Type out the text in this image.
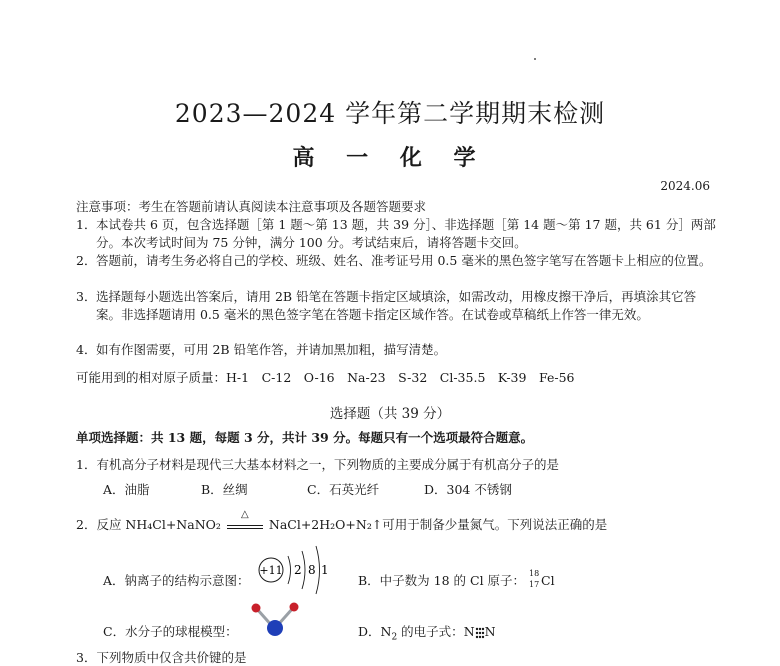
2023—2024 学年第二学期期末检测
高 一 化 学
2024.06
注意事项：考生在答题前请认真阅读本注意事项及各题答题要求
1． 本试卷共 6 页，包含选择题［第 1 题～第 13 题，共 39 分］、非选择题［第 14 题～第 17 题，共 61 分］两部分。本次考试时间为 75 分钟，满分 100 分。考试结束后，请将答题卡交回。
2． 答题前，请考生务必将自己的学校、班级、姓名、准考证号用 0.5 毫米的黑色签字笔写在答题卡上相应的位置。
3． 选择题每小题选出答案后，请用 2B 铅笔在答题卡指定区域填涂，如需改动，用橡皮擦干净后，再填涂其它答案。非选择题请用 0.5 毫米的黑色签字笔在答题卡指定区域作答。在试卷或草稿纸上作答一律无效。
4． 如有作图需要，可用 2B 铅笔作答，并请加黑加粗，描写清楚。
可能用到的相对原子质量：H-1　C-12　O-16　Na-23　S-32　Cl-35.5　K-39　Fe-56
选择题（共 39 分）
单项选择题：共 13 题，每题 3 分，共计 39 分。每题只有一个选项最符合题意。
1．有机高分子材料是现代三大基本材料之一，下列物质的主要成分属于有机高分子的是
A．油脂	B．丝绸	C．石英光纤	D．304 不锈钢
2．反应 NH₄Cl+NaNO₂
△
NaCl+2H₂O+N₂↑可用于制备少量氮气。下列说法正确的是
A．钠离子的结构示意图：
+11 2 8 1
B．中子数为 18 的 Cl 原子： 18
17 Cl
C．水分子的球棍模型：	D．$N_2$ 的电子式：N N
3．下列物质中仅含共价键的是
